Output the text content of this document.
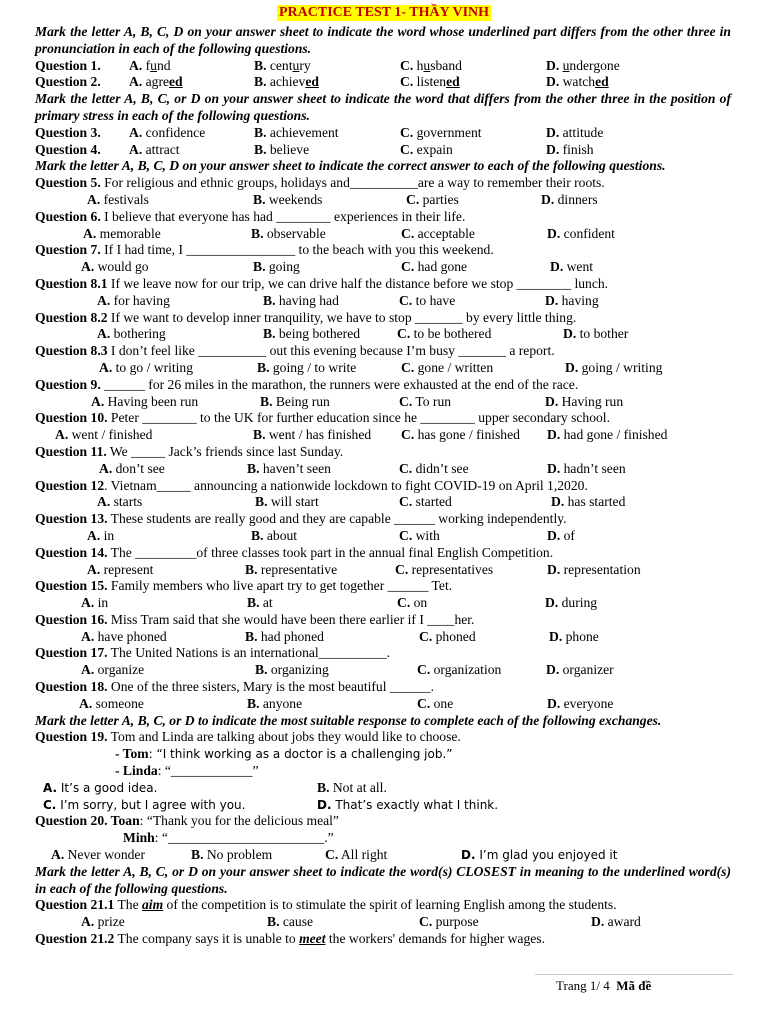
PRACTICE TEST 1- THẦY VINH
Mark the letter A, B, C, D on your answer sheet to indicate the word whose underlined part differs from the other three in pronunciation in each of the following questions.
Question 1.	A. fund	B. century	C. husband	D. undergone
Question 2.	A. agreed	B. achieved	C. listened	D. watched
Mark the letter A, B, C, or D on your answer sheet to indicate the word that differs from the other three in the position of primary stress in each of the following questions.
Question 3.	A. confidence	B. achievement	C. government	D. attitude
Question 4.	A. attract	B. believe	C. expain	D. finish
Mark the letter A, B, C, D on your answer sheet to indicate the correct answer to each of the following questions.
Question 5. For religious and ethnic groups, holidays and__________are a way to remember their roots.
A. festivals	B. weekends	C. parties	D. dinners
Question 6. I believe that everyone has had ________ experiences in their life.
A. memorable	B. observable	C. acceptable	D. confident
Question 7. If I had time, I ________________ to the beach with you this weekend.
A. would go	B. going	C. had gone	D. went
Question 8.1 If we leave now for our trip, we can drive half the distance before we stop ________ lunch.
A. for having	B. having had	C. to have	D. having
Question 8.2 If we want to develop inner tranquility, we have to stop _______ by every little thing.
A. bothering	B. being bothered	C. to be bothered	D. to bother
Question 8.3 I don’t feel like __________ out this evening because I’m busy _______ a report.
A. to go / writing	B. going / to write	C. gone / written	D. going / writing
Question 9. ______ for 26 miles in the marathon, the runners were exhausted at the end of the race.
A. Having been run	B. Being run	C. To run	D. Having run
Question 10. Peter ________ to the UK for further education since he ________ upper secondary school.
A. went / finished	B. went / has finished C. has gone / finished D. had gone / finished
Question 11. We _____ Jack’s friends since last Sunday.
A. don’t see	B. haven’t seen	C. didn’t see	D. hadn’t seen
Question 12. Vietnam_____ announcing a nationwide lockdown to fight COVID-19 on April 1,2020.
A. starts	B. will start	C. started	D. has started
Question 13. These students are really good and they are capable ______ working independently.
A. in	B. about	C. with	D. of
Question 14. The _________of three classes took part in the annual final English Competition.
A. represent	B. representative	C. representatives	D. representation
Question 15. Family members who live apart try to get together ______ Tet.
A. in	B. at	C. on	D. during
Question 16. Miss Tram said that she would have been there earlier if I ____her.
A. have phoned	B. had phoned	C. phoned	D. phone
Question 17. The United Nations is an international__________.
A. organize	B. organizing	C. organization	D. organizer
Question 18. One of the three sisters, Mary is the most beautiful ______.
A. someone	B. anyone	C. one	D. everyone
Mark the letter A, B, C, or D to indicate the most suitable response to complete each of the following exchanges.
Question 19. Tom and Linda are talking about jobs they would like to choose.
- Tom: “I think working as a doctor is a challenging job.”
- Linda: “____________”
A. It’s a good idea.	B. Not at all.
C. I’m sorry, but I agree with you.	D. That’s exactly what I think.
Question 20. Toan: “Thank you for the delicious meal”
Minh: “_______________________.”
A. Never wonder	B. No problem	C. All right	D. I’m glad you enjoyed it
Mark the letter A, B, C, or D on your answer sheet to indicate the word(s) CLOSEST in meaning to the underlined word(s) in each of the following questions.
Question 21.1 The aim of the competition is to stimulate the spirit of learning English among the students.
A. prize	B. cause	C. purpose	D. award
Question 21.2 The company says it is unable to meet the workers' demands for higher wages.
Trang 1/ 4 Mã đề
